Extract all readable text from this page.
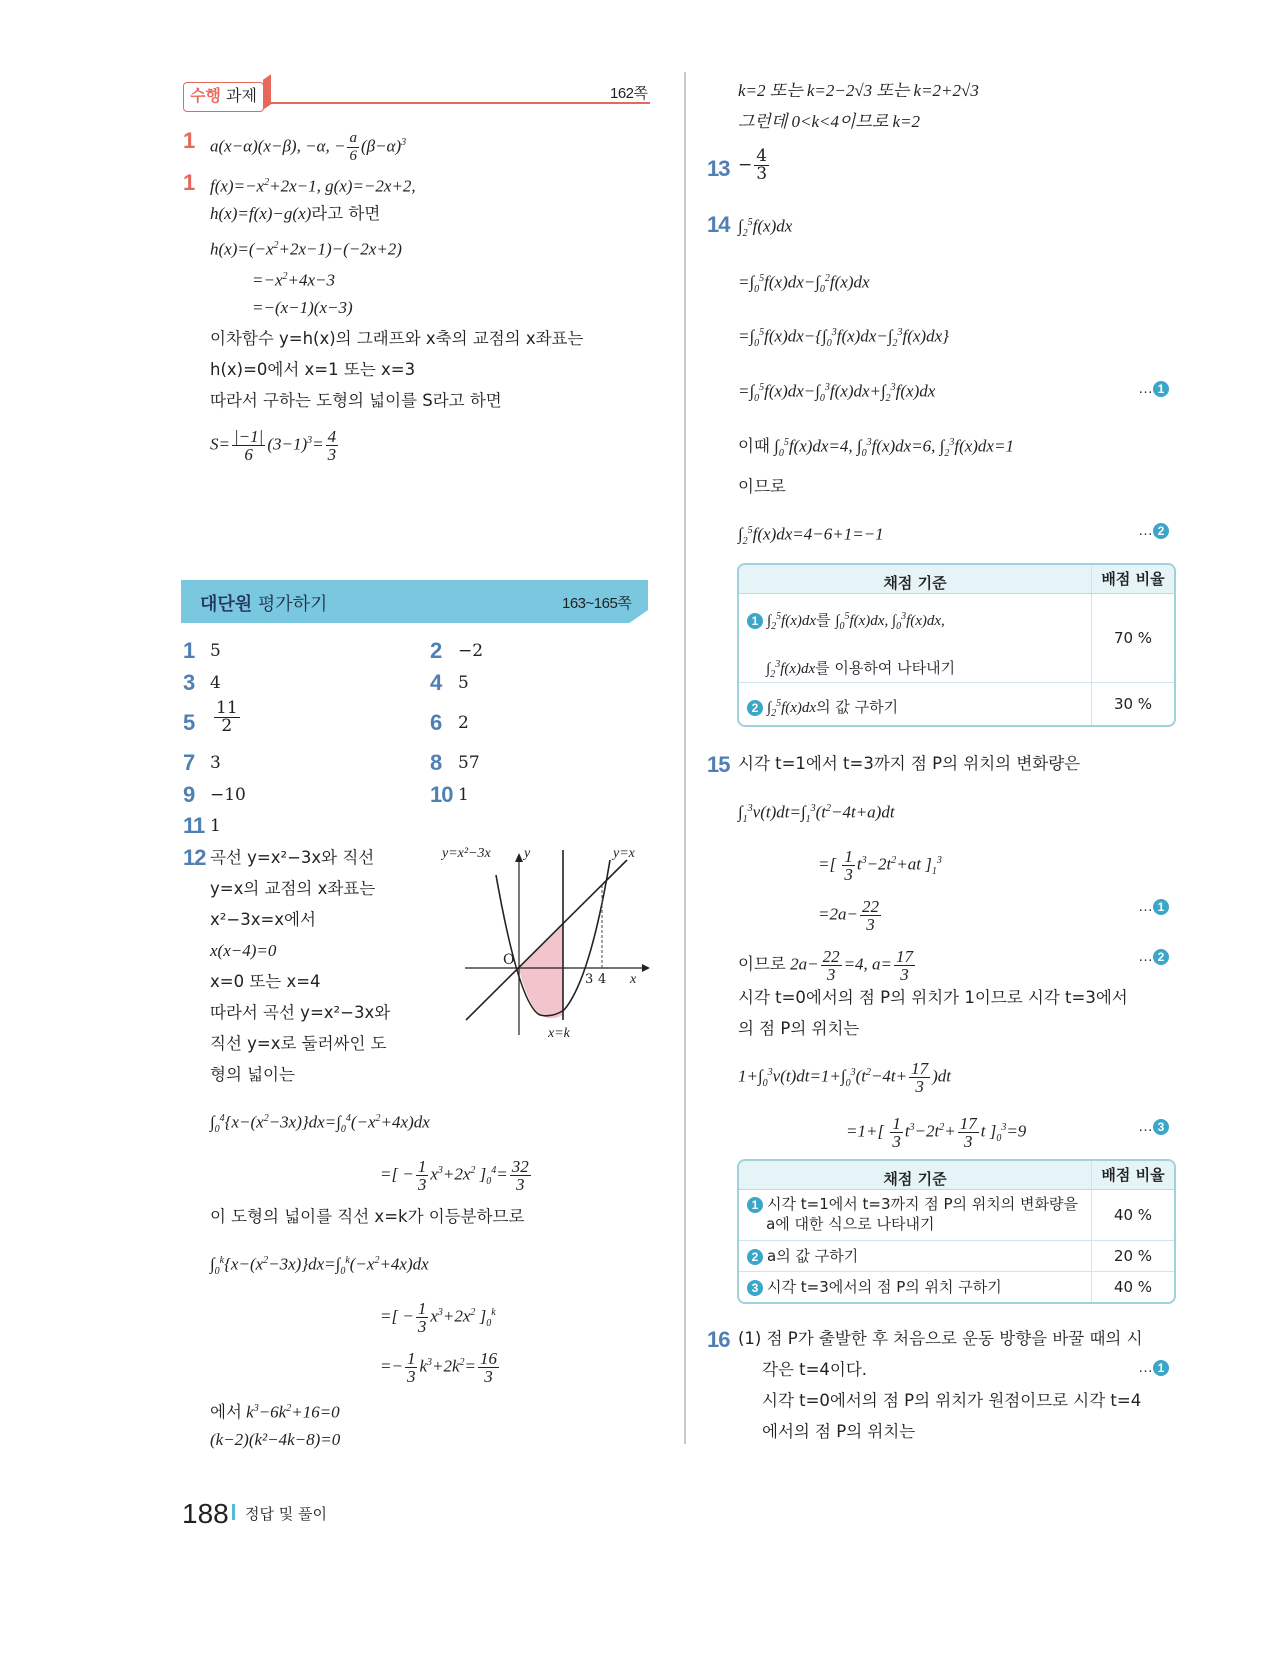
수행 과제	162쪽
1 a(x−α)(x−β), −α, − $\frac{a}{6} (\beta-\alpha)^3$
1 $f(x)=-x^2+2x-1$, g(x)=−2x+2,
h(x)=f(x)−g(x)라고 하면
$h(x)=(-x^2+2x-1)-(-2x+2)$
$=-x^2+4x-3$
=−(x−1)(x−3)
이차함수 y=h(x)의 그래프와 x축의 교점의 x좌표는
h(x)=0에서 x=1 또는 x=3
따라서 구하는 도형의 넓이를 S라고 하면
$S= \frac{|-1|}{6} (3-1)^3= \frac{4}{3}$
대단원 평가하기	163~165쪽
1 5	2 −2
3 4	4 5
$5 \frac{11}{2}$	6 2
7 3	8 57
9 −10	10 1
11 1
12 곡선 y=x²−3x와 직선
y=x의 교점의 x좌표는
x²−3x=x에서
x(x−4)=0
x=0 또는 x=4
따라서 곡선 y=x²−3x와
직선 y=x로 둘러싸인 도
형의 넓이는
y=x²−3x y	y=x
O
3 4 x
x=k
$\int_0^4\{x-(x^2-3x)\}dx=\int_0^4(-x^2+4x)dx$
=[ − $\frac{1}{3} x^3+2x^2$ ]$_0^4= \frac{32}{3}$
이 도형의 넓이를 직선 x=k가 이등분하므로
$\int_0^k\{x-(x^2-3x)\}dx=\int_0^k(-x^2+4x)dx$
=[ − $\frac{1}{3} x^3+2x^2$ ]$_0^k$
=− $\frac{1}{3} k^3+2k^2= \frac{16}{3}$
에서 $k^3-6k^2+16=0$
(k−2)(k²−4k−8)=0
k=2 또는 k=2−2√3 또는 k=2+2√3
그런데 0<k<4이므로 k=2
$13 - \frac{4}{3}$
14 $\int_2^5f(x)dx$
$=\int_0^5f(x)dx-\int_0^2f(x)dx$
$=\int_0^5f(x)dx-\{\int_0^3f(x)dx-\int_2^3f(x)dx\}$
$=\int_0^5f(x)dx-\int_0^3f(x)dx+\int_2^3f(x)dx$	… 1
이때 $\int_0^5f(x)dx=4$, $\int_0^3f(x)dx=6$, $\int_2^3f(x)dx=1$
이므로
$\int_2^5f(x)dx=4-6+1=-1$	… 2
채점 기준	배점 비율
1 $\int_2^5f(x)dx$를 $\int_0^5f(x)dx$, $\int_0^3f(x)dx$,
$\int_2^3f(x)dx$를 이용하여 나타내기
70 %
2 $\int_2^5f(x)dx$의 값 구하기	30 %
15 시각 t=1에서 t=3까지 점 P의 위치의 변화량은
$\int_1^3v(t)dt=\int_1^3(t^2-4t+a)dt$
=[ $\frac{1}{3} t^3-2t^2+at$ ]$_1^3$
$=2a- \frac{22}{3}$	… 1
이므로 $2a- \frac{22}{3} =4$, $a= \frac{17}{3}$	… 2
시각 t=0에서의 점 P의 위치가 1이므로 시각 t=3에서
의 점 P의 위치는
$1+\int_0^3v(t)dt=1+\int_0^3(t^2-4t+ \frac{17}{3} )dt$
$=1+[ \frac{1}{3} t^3-2t^2+ \frac{17}{3}$ t ]$_0^3=9$	… 3
채점 기준	배점 비율
1 시각 t=1에서 t=3까지 점 P의 위치의 변화량을
a에 대한 식으로 나타내기	40 %
2 a의 값 구하기	20 %
3 시각 t=3에서의 점 P의 위치 구하기	40 %
16 (1) 점 P가 출발한 후 처음으로 운동 방향을 바꿀 때의 시
각은 t=4이다.	… 1
시각 t=0에서의 점 P의 위치가 원점이므로 시각 t=4
에서의 점 P의 위치는
188 정답 및 풀이
